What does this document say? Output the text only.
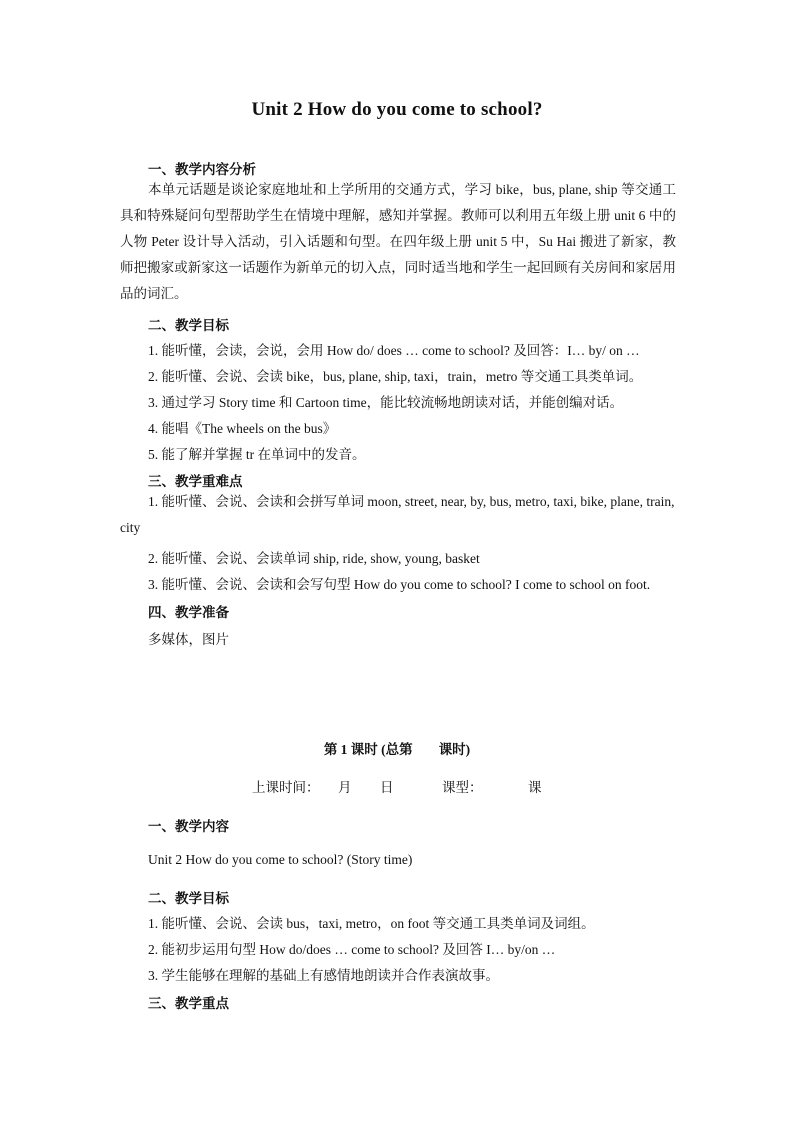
Unit 2 How do you come to school?
一、教学内容分析
本单元话题是谈论家庭地址和上学所用的交通方式，学习 bike，bus, plane, ship 等交通工具和特殊疑问句型帮助学生在情境中理解，感知并掌握。教师可以利用五年级上册 unit 6 中的人物 Peter 设计导入活动，引入话题和句型。在四年级上册 unit 5 中，Su Hai 搬进了新家，教师把搬家或新家这一话题作为新单元的切入点，同时适当地和学生一起回顾有关房间和家居用品的词汇。
二、教学目标
1. 能听懂，会读，会说，会用 How do/ does … come to school? 及回答：I… by/ on …
2. 能听懂、会说、会读 bike，bus, plane, ship, taxi，train，metro 等交通工具类单词。
3. 通过学习 Story time 和 Cartoon time，能比较流畅地朗读对话，并能创编对话。
4. 能唱《The wheels on the bus》
5. 能了解并掌握 tr 在单词中的发音。
三、教学重难点
1. 能听懂、会说、会读和会拼写单词 moon, street, near, by, bus, metro, taxi, bike, plane, train, city
2. 能听懂、会说、会读单词 ship, ride, show, young, basket
3. 能听懂、会说、会读和会写句型 How do you come to school? I come to school on foot.
四、教学准备
多媒体，图片
第 1 课时 (总第 课时)
上课时间： 月 日	课型：	课
一、教学内容
Unit 2 How do you come to school? (Story time)
二、教学目标
1. 能听懂、会说、会读 bus，taxi, metro，on foot 等交通工具类单词及词组。
2. 能初步运用句型 How do/does … come to school? 及回答 I… by/on …
3. 学生能够在理解的基础上有感情地朗读并合作表演故事。
三、教学重点
